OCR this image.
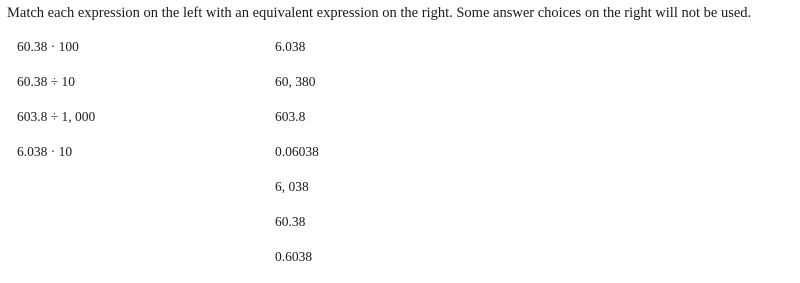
Match each expression on the left with an equivalent expression on the right. Some answer choices on the right will not be used.
60.38 · 100
60.38 ÷ 10
603.8 ÷ 1, 000
6.038 · 10
6.038
60, 380
603.8
0.06038
6, 038
60.38
0.6038
